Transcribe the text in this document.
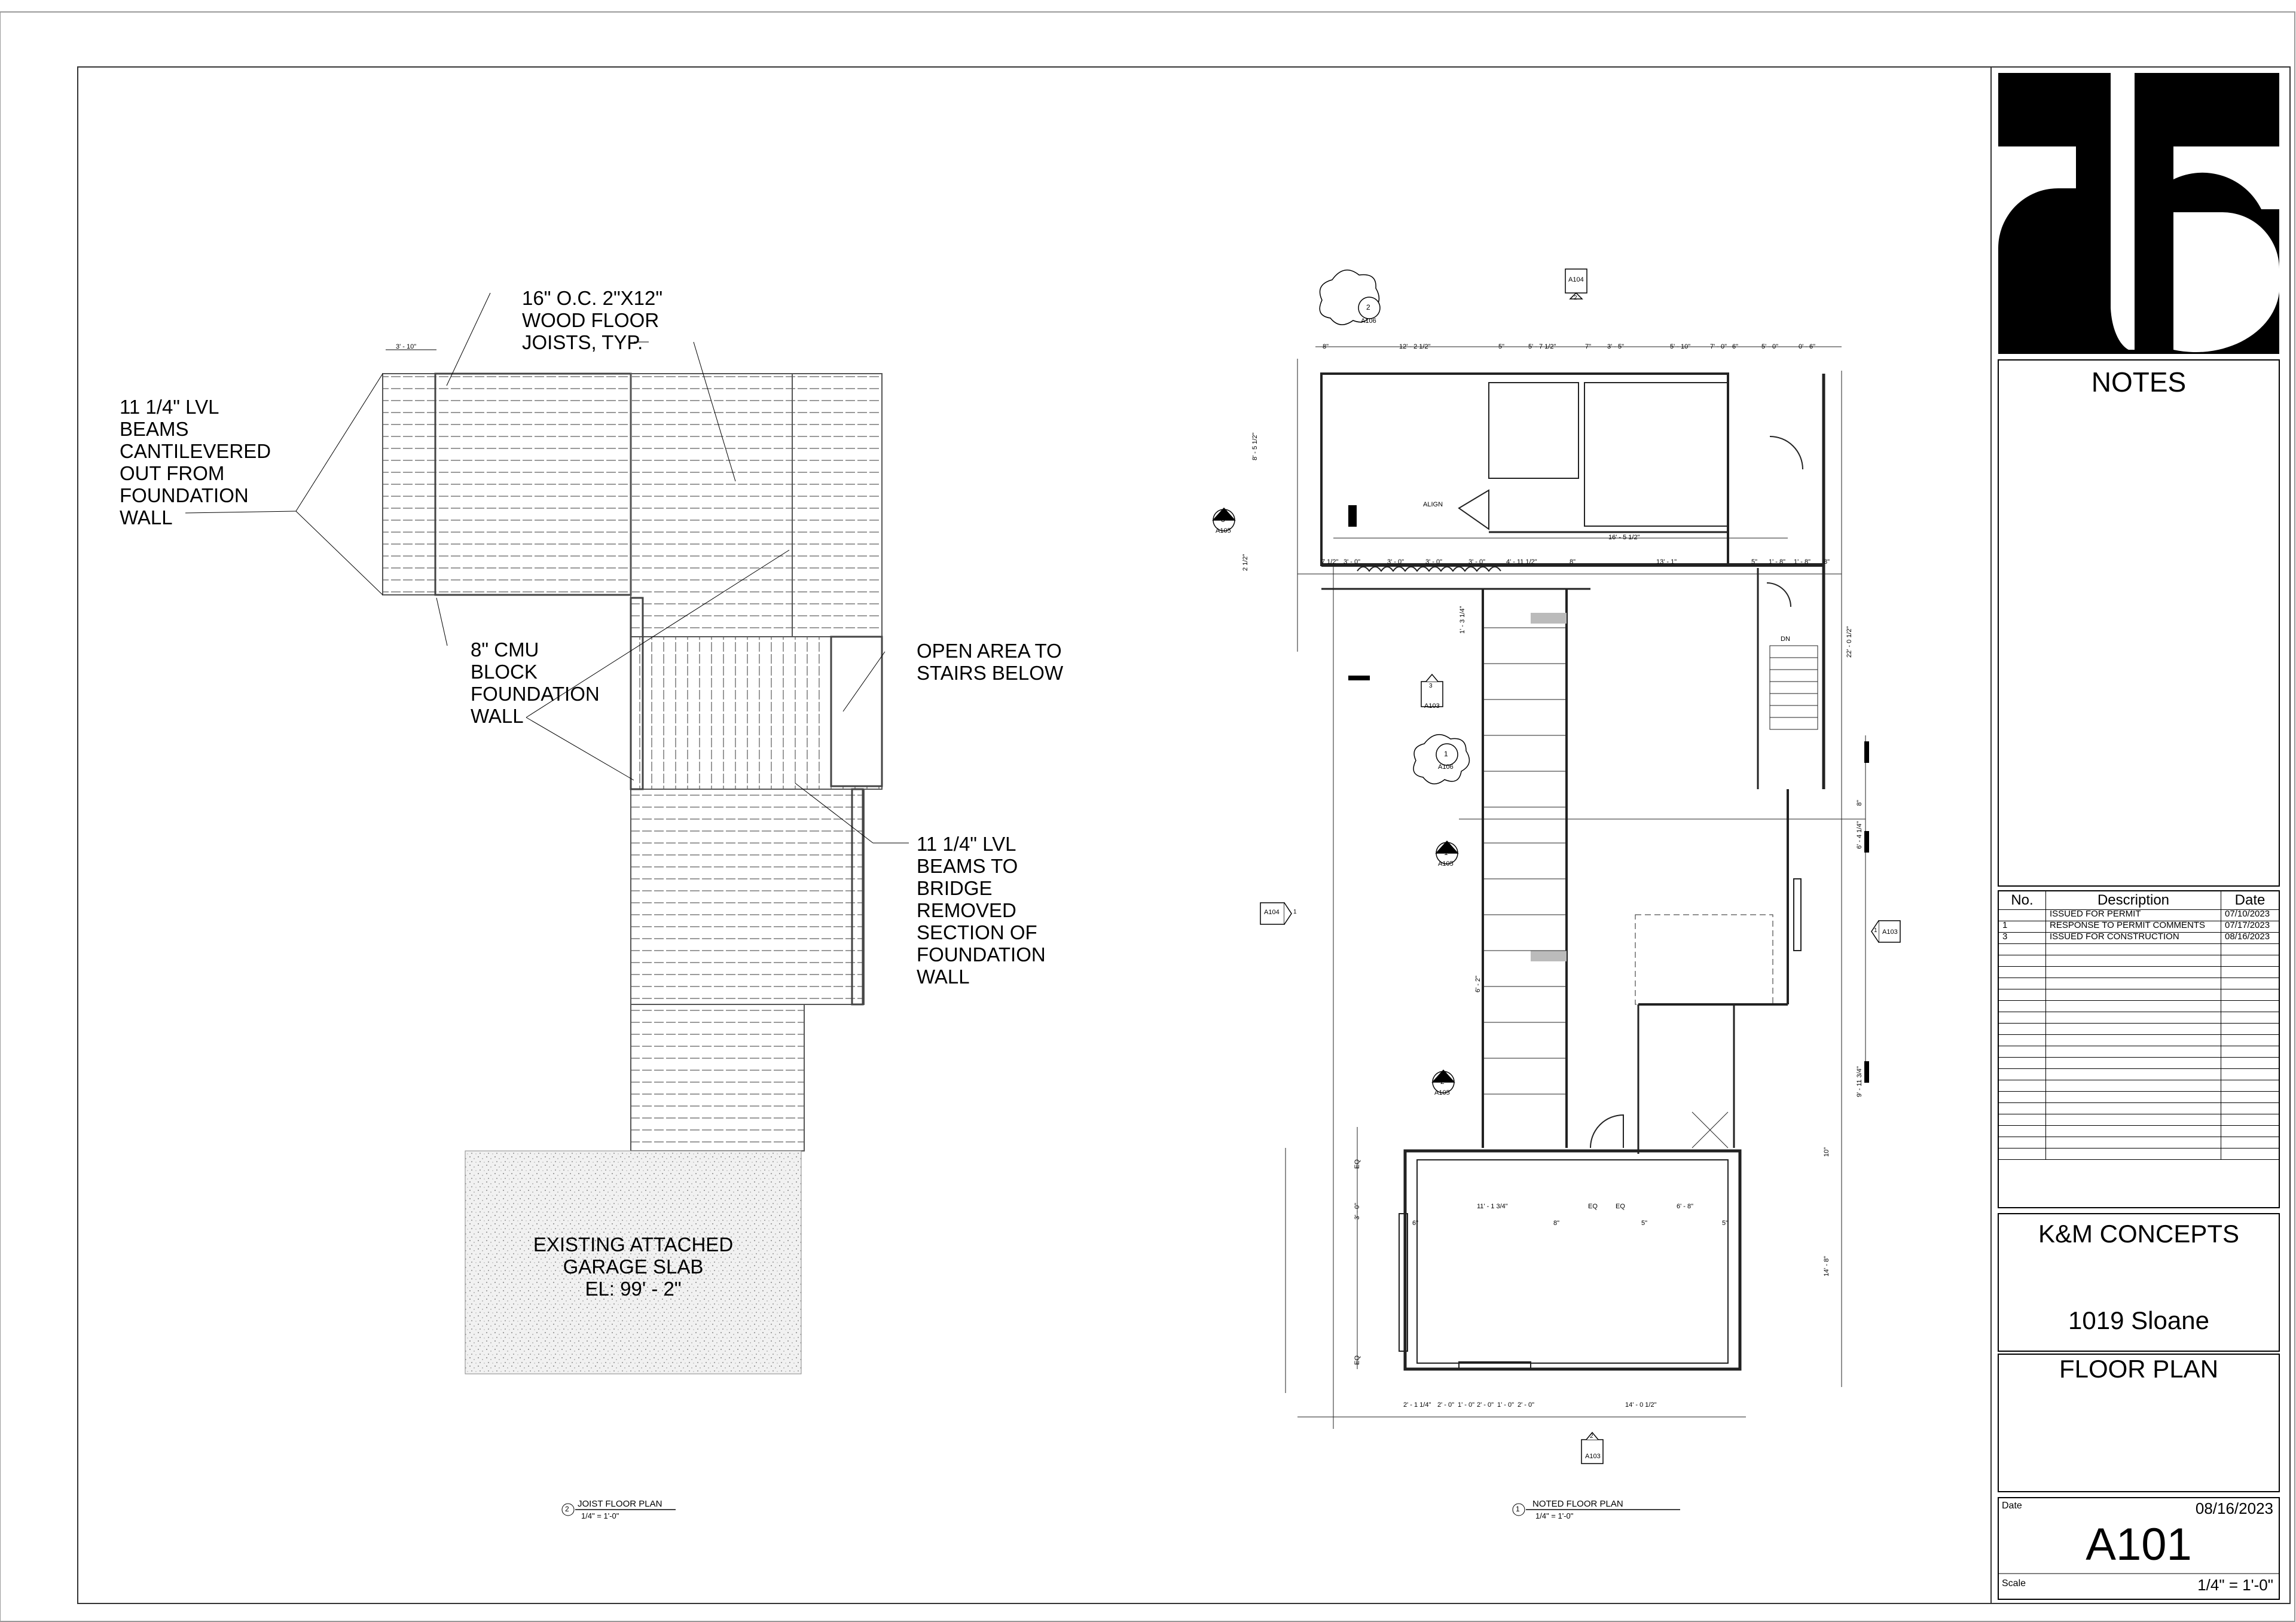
16" O.C. 2"X12"
WOOD FLOOR
JOISTS, TYP.
11 1/4" LVL
BEAMS
CANTILEVERED
OUT FROM
FOUNDATION
WALL
8" CMU
BLOCK
FOUNDATION
WALL
OPEN AREA TO
STAIRS BELOW
11 1/4" LVL
BEAMS TO
BRIDGE
REMOVED
SECTION OF
FOUNDATION
WALL
EXISTING ATTACHED
GARAGE SLAB
EL: 99' - 2"
3' - 10"
2 JOIST FLOOR PLAN
1/4" = 1'-0"
ALIGN
DN
1 NOTED FLOOR PLAN
1/4" = 1'-0"
16' - 5 1/2"
2
A106
3
A105
1
A106
1
A105
2
A105
A104
2
3
A103
A104 1
A103
1
2
A103
8"	12' - 2 1/2"	5"	5' - 7 1/2"	7" 3' - 5"	5' - 10"	7' - 0" 6"	5' - 0"	0' - 6"
7 1/2" 3' - 0"	3' - 0"	3' - 0"	3' - 0"	4' - 11 1/2"	8"	13' - 1"	5" 1' - 8" 1' - 8" 8"
11' - 1 3/4"	EQ	EQ	6' - 8"
8"	5"	5"
6"
2' - 1 1/4" 2' - 0" 1' - 0" 2' - 0" 1' - 0" 2' - 0"	14' - 0 1/2"
8' - 5 1/2"
2 1/2"
1' - 3 1/4"
6' - 2"
3' - 0"
EQ
EQ
22' - 0 1/2"
6' - 4 1/4"
9' - 11 3/4"
14' - 8"
10"
8"
NOTES
No.	Description	Date
	ISSUED FOR PERMIT	07/10/2023
1	RESPONSE TO PERMIT COMMENTS	07/17/2023
3	ISSUED FOR CONSTRUCTION	08/16/2023

K&M CONCEPTS
1019 Sloane
FLOOR PLAN
Date	08/16/2023
A101
Scale	1/4" = 1'-0"
